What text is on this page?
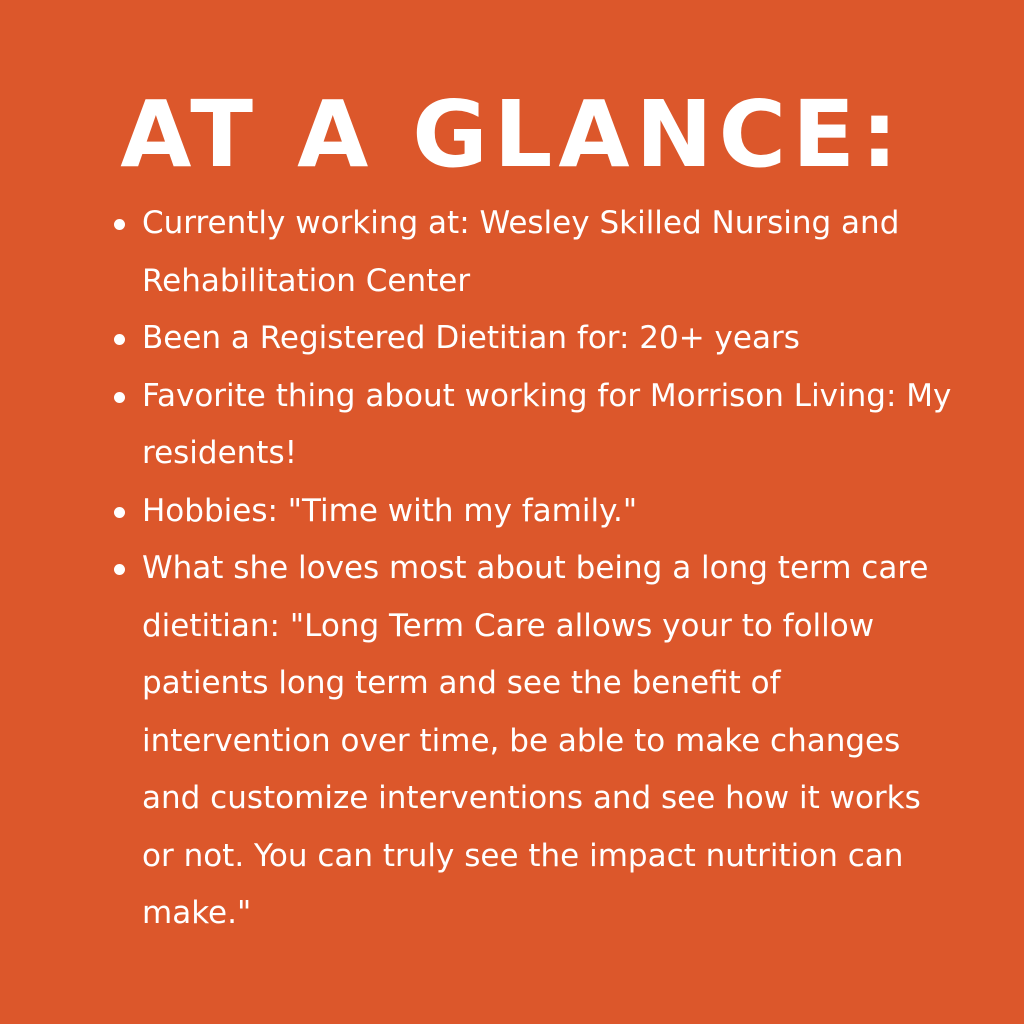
AT A GLANCE:
Currently working at: Wesley Skilled Nursing and Rehabilitation Center
Been a Registered Dietitian for: 20+ years
Favorite thing about working for Morrison Living: My residents!
Hobbies: "Time with my family."
What she loves most about being a long term care dietitian: "Long Term Care allows your to follow patients long term and see the benefit of intervention over time, be able to make changes and customize interventions and see how it works or not. You can truly see the impact nutrition can make."
